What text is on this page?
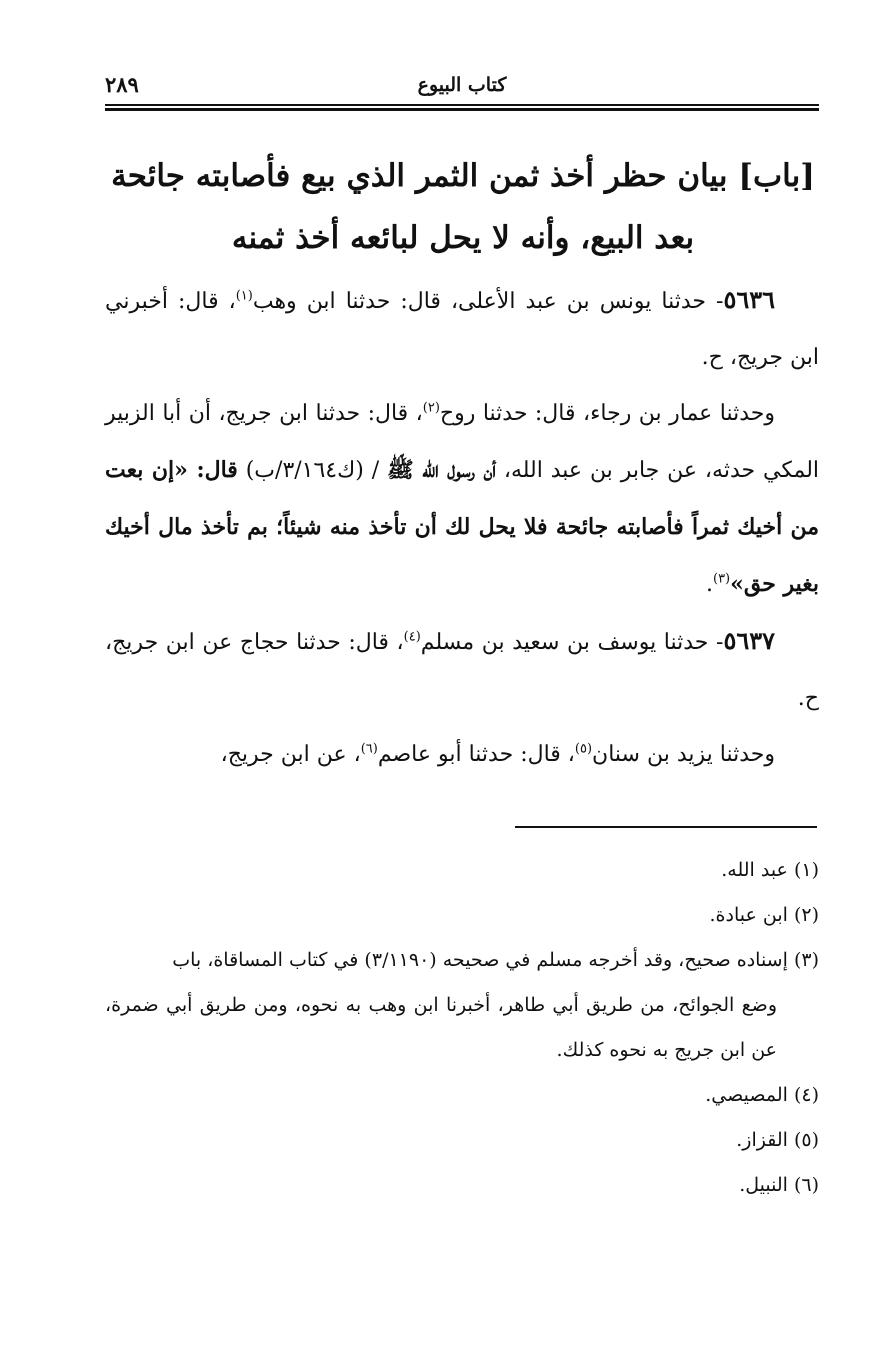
٢٨٩	كتاب البيوع
[باب] بيان حظر أخذ ثمن الثمر الذي بيع فأصابته جائحة
بعد البيع، وأنه لا يحل لبائعه أخذ ثمنه

٥٦٣٦- حدثنا يونس بن عبد الأعلى، قال: حدثنا ابن وهب$^{(١)}$، قال: أخبرني ابن جريج، ح.

وحدثنا عمار بن رجاء، قال: حدثنا روح$^{(٢)}$، قال: حدثنا ابن جريج، أن أبا الزبير المكي حدثه، عن جابر بن عبد الله، أن رسول الله ﷺ / (ك٣/١٦٤/ب) قال: «إن بعت من أخيك ثمراً فأصابته جائحة فلا يحل لك أن تأخذ منه شيئاً؛ بم تأخذ مال أخيك بغير حق»$^{(٣)}$.

٥٦٣٧- حدثنا يوسف بن سعيد بن مسلم$^{(٤)}$، قال: حدثنا حجاج عن ابن جريج، ح.

وحدثنا يزيد بن سنان$^{(٥)}$، قال: حدثنا أبو عاصم$^{(٦)}$، عن ابن جريج،

(١) عبد الله.

(٢) ابن عبادة.

(٣) إسناده صحيح، وقد أخرجه مسلم في صحيحه (٣/١١٩٠) في كتاب المساقاة، باب
وضع الجوائح، من طريق أبي طاهر، أخبرنا ابن وهب به نحوه، ومن طريق أبي ضمرة، عن ابن جريج به نحوه كذلك.

(٤) المصيصي.

(٥) القزاز.

(٦) النبيل.
